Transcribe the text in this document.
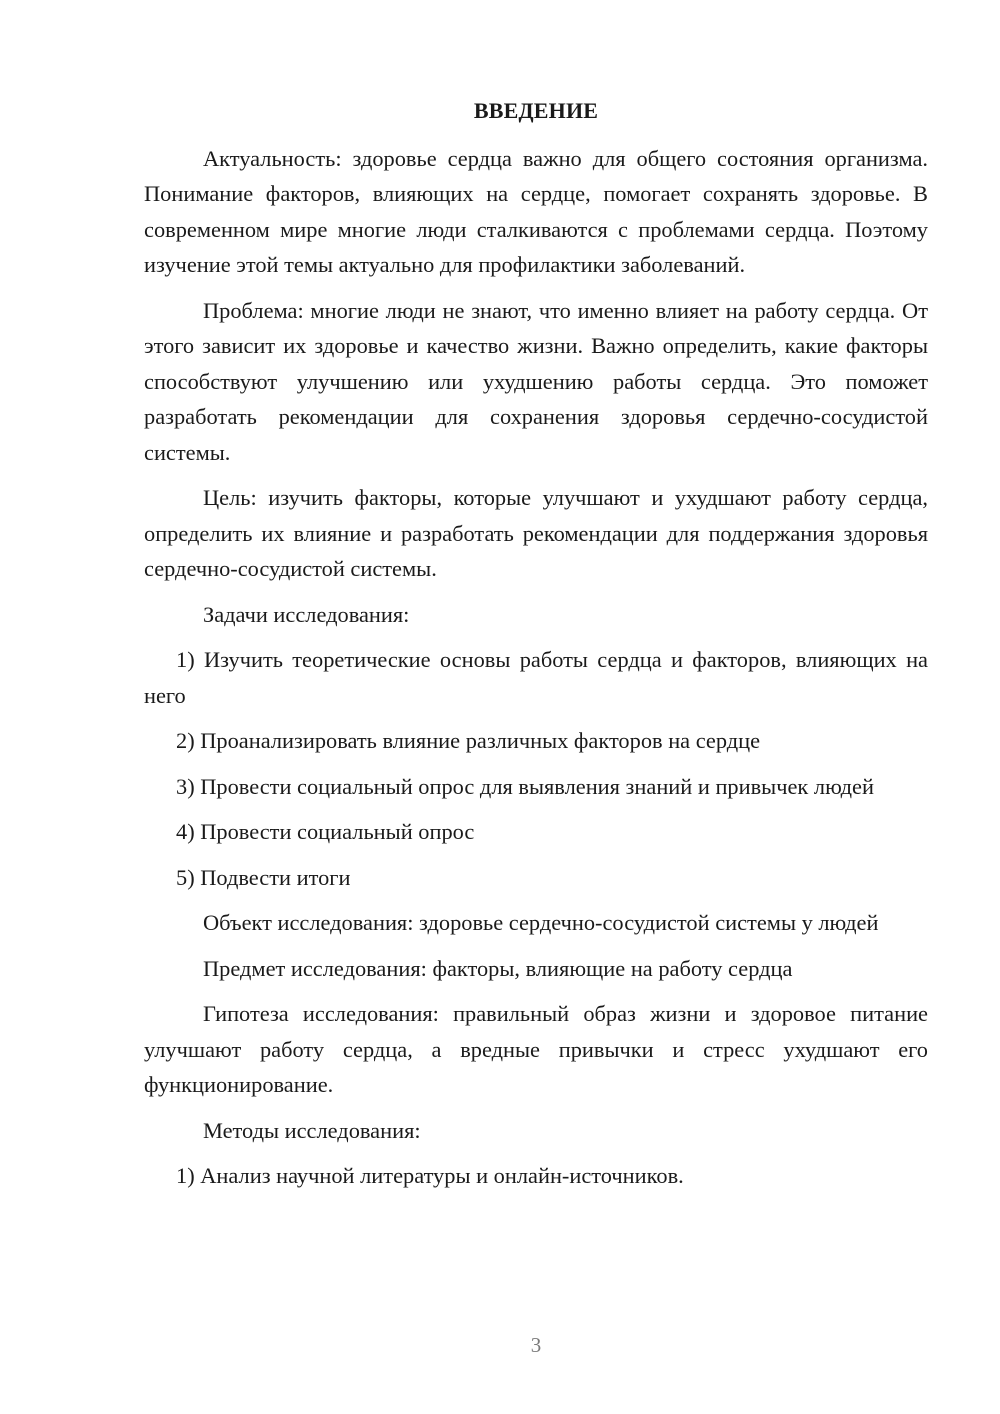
ВВЕДЕНИЕ
Актуальность: здоровье сердца важно для общего состояния организма. Понимание факторов, влияющих на сердце, помогает сохранять здоровье. В современном мире многие люди сталкиваются с проблемами сердца. Поэтому изучение этой темы актуально для профилактики заболеваний.
Проблема: многие люди не знают, что именно влияет на работу сердца. От этого зависит их здоровье и качество жизни. Важно определить, какие факторы способствуют улучшению или ухудшению работы сердца. Это поможет разработать рекомендации для сохранения здоровья сердечно-сосудистой системы.
Цель: изучить факторы, которые улучшают и ухудшают работу сердца, определить их влияние и разработать рекомендации для поддержания здоровья сердечно-сосудистой системы.
Задачи исследования:
1) Изучить теоретические основы работы сердца и факторов, влияющих на него
2) Проанализировать влияние различных факторов на сердце
3) Провести социальный опрос для выявления знаний и привычек людей
4) Провести социальный опрос
5) Подвести итоги
Объект исследования: здоровье сердечно-сосудистой системы у людей
Предмет исследования: факторы, влияющие на работу сердца
Гипотеза исследования: правильный образ жизни и здоровое питание улучшают работу сердца, а вредные привычки и стресс ухудшают его функционирование.
Методы исследования:
1) Анализ научной литературы и онлайн-источников.
3
